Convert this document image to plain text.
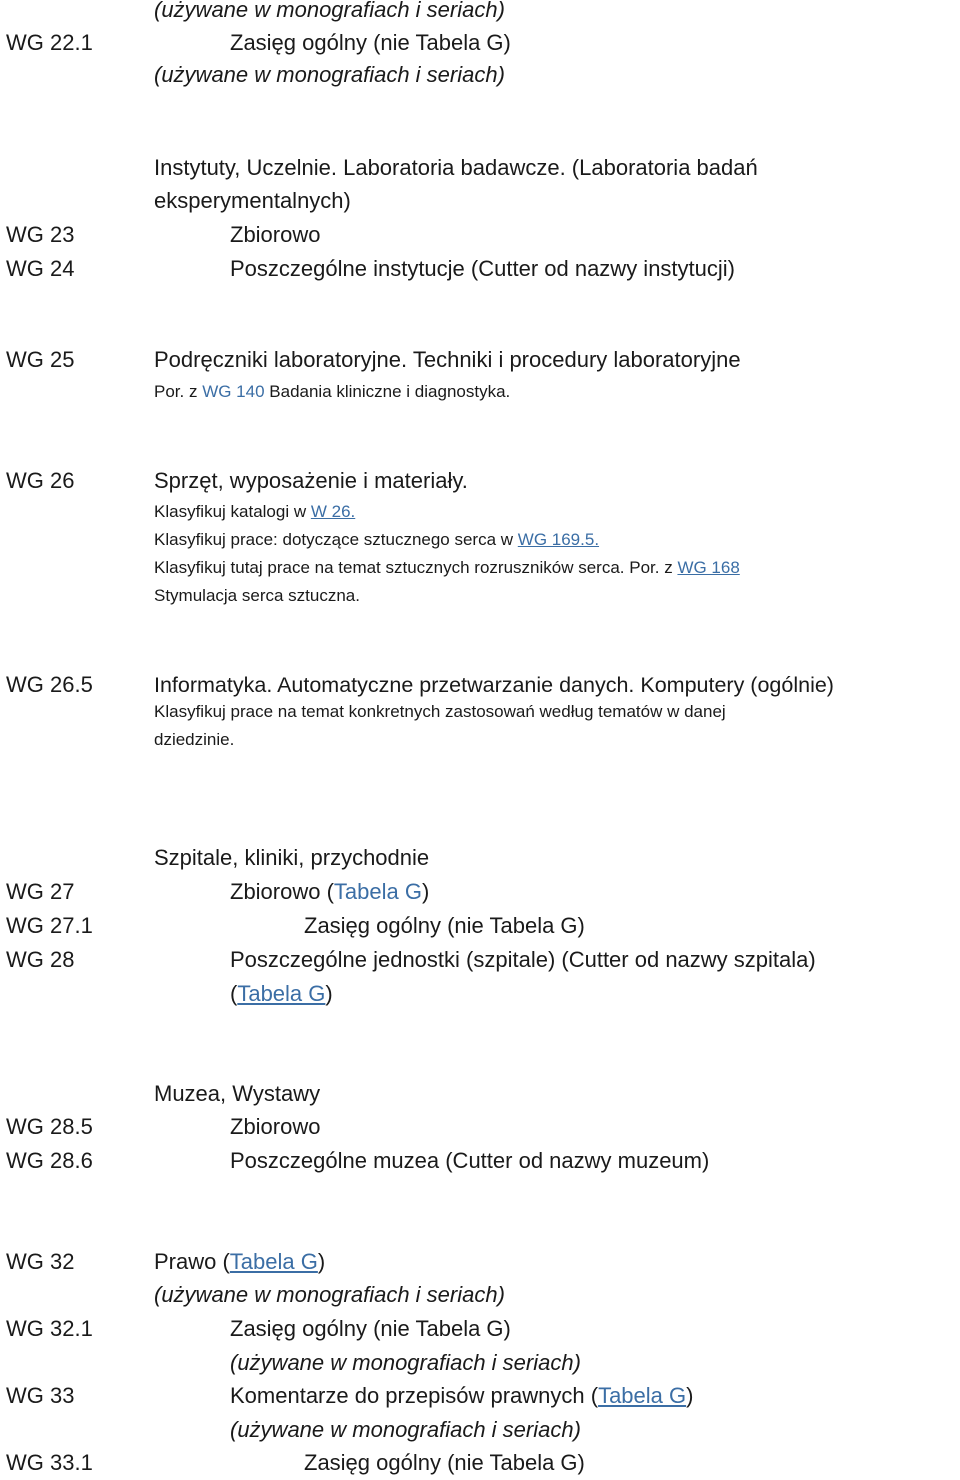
(używane w monografiach i seriach)
WG 22.1	Zasięg ogólny (nie Tabela G)
(używane w monografiach i seriach)
Instytuty, Uczelnie. Laboratoria badawcze. (Laboratoria badań
eksperymentalnych)
WG 23	Zbiorowo
WG 24	Poszczególne instytucje (Cutter od nazwy instytucji)
WG 25	Podręczniki laboratoryjne. Techniki i procedury laboratoryjne
Por. z WG 140 Badania kliniczne i diagnostyka.
WG 26	Sprzęt, wyposażenie i materiały.
Klasyfikuj katalogi w W 26.
Klasyfikuj prace: dotyczące sztucznego serca w WG 169.5.
Klasyfikuj tutaj prace na temat sztucznych rozruszników serca. Por. z WG 168
Stymulacja serca sztuczna.
WG 26.5	Informatyka. Automatyczne przetwarzanie danych. Komputery (ogólnie)
Klasyfikuj prace na temat konkretnych zastosowań według tematów w danej
dziedzinie.
Szpitale, kliniki, przychodnie
WG 27	Zbiorowo (Tabela G)
WG 27.1	Zasięg ogólny (nie Tabela G)
WG 28	Poszczególne jednostki (szpitale) (Cutter od nazwy szpitala)
(Tabela G)
Muzea, Wystawy
WG 28.5	Zbiorowo
WG 28.6	Poszczególne muzea (Cutter od nazwy muzeum)
WG 32	Prawo (Tabela G)
(używane w monografiach i seriach)
WG 32.1	Zasięg ogólny (nie Tabela G)
(używane w monografiach i seriach)
WG 33	Komentarze do przepisów prawnych (Tabela G)
(używane w monografiach i seriach)
WG 33.1	Zasięg ogólny (nie Tabela G)
